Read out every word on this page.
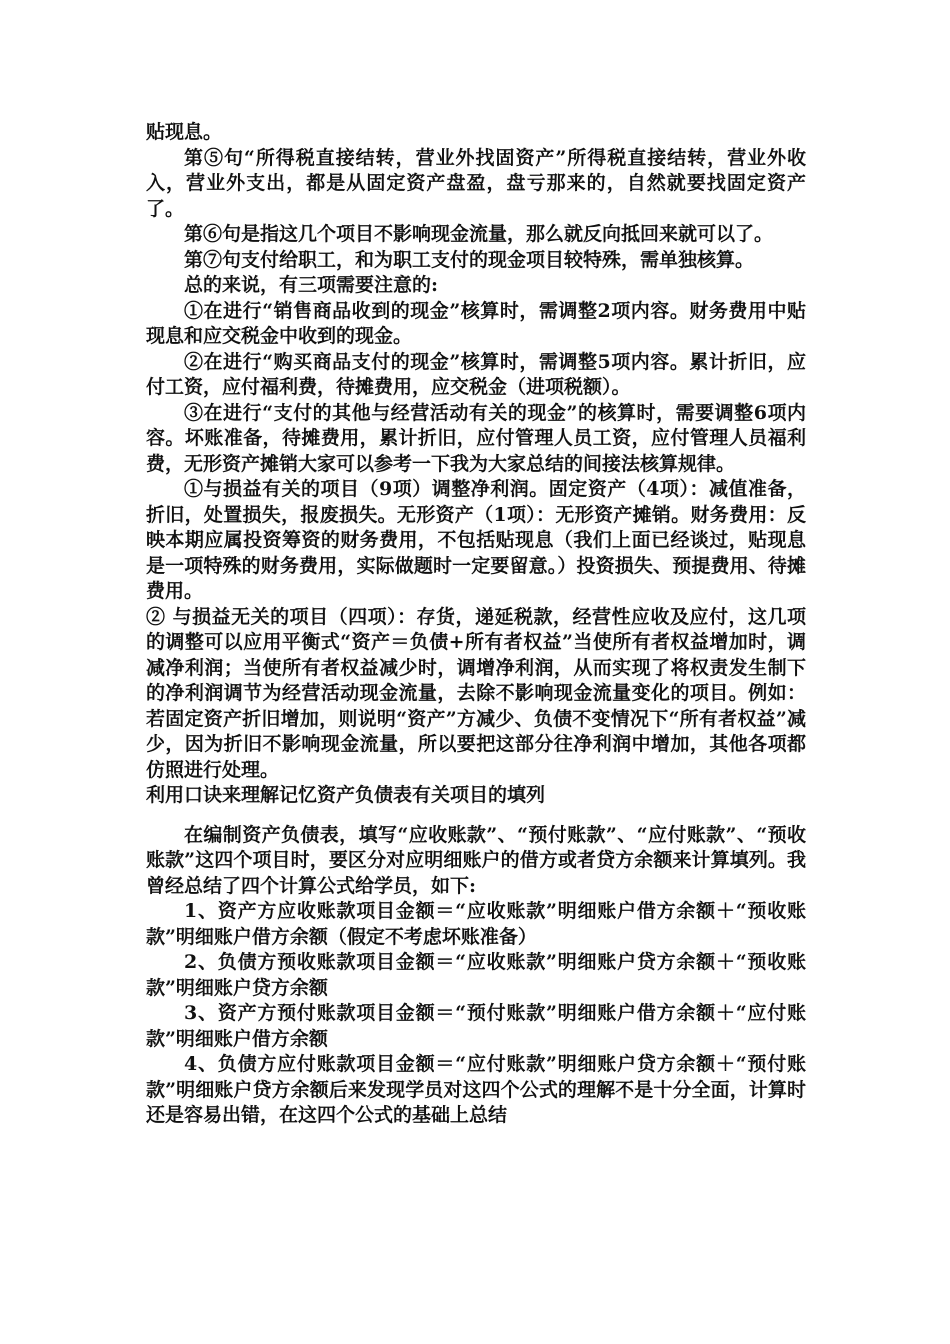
贴现息。

第⑤句“所得税直接结转，营业外找固资产”所得税直接结转，营业外收入，营业外支出，都是从固定资产盘盈，盘亏那来的，自然就要找固定资产了。

第⑥句是指这几个项目不影响现金流量，那么就反向抵回来就可以了。

第⑦句支付给职工，和为职工支付的现金项目较特殊，需单独核算。

总的来说，有三项需要注意的:

①在进行“销售商品收到的现金”核算时，需调整2项内容。财务费用中贴现息和应交税金中收到的现金。

②在进行“购买商品支付的现金”核算时，需调整5项内容。累计折旧，应付工资，应付福利费，待摊费用，应交税金（进项税额）。

③在进行“支付的其他与经营活动有关的现金”的核算时，需要调整6项内容。坏账准备，待摊费用，累计折旧，应付管理人员工资，应付管理人员福利费，无形资产摊销大家可以参考一下我为大家总结的间接法核算规律。

①与损益有关的项目（9项）调整净利润。固定资产（4项）：减值准备，折旧，处置损失，报废损失。无形资产（1项）：无形资产摊销。财务费用：反映本期应属投资筹资的财务费用，不包括贴现息（我们上面已经谈过，贴现息是一项特殊的财务费用，实际做题时一定要留意。）投资损失、预提费用、待摊费用。

② 与损益无关的项目（四项）：存货，递延税款，经营性应收及应付，这几项的调整可以应用平衡式“资产＝负债+所有者权益”当使所有者权益增加时，调减净利润；当使所有者权益减少时，调增净利润，从而实现了将权责发生制下的净利润调节为经营活动现金流量，去除不影响现金流量变化的项目。例如：若固定资产折旧增加，则说明“资产”方减少、负债不变情况下“所有者权益”减少，因为折旧不影响现金流量，所以要把这部分往净利润中增加，其他各项都仿照进行处理。

利用口诀来理解记忆资产负债表有关项目的填列

在编制资产负债表，填写“应收账款”、“预付账款”、“应付账款”、“预收账款”这四个项目时，要区分对应明细账户的借方或者贷方余额来计算填列。我曾经总结了四个计算公式给学员，如下:

1、资产方应收账款项目金额＝“应收账款”明细账户借方余额＋“预收账款”明细账户借方余额（假定不考虑坏账准备）

2、负债方预收账款项目金额＝“应收账款”明细账户贷方余额＋“预收账款”明细账户贷方余额

3、资产方预付账款项目金额＝“预付账款”明细账户借方余额＋“应付账款”明细账户借方余额

4、负债方应付账款项目金额＝“应付账款”明细账户贷方余额＋“预付账款”明细账户贷方余额后来发现学员对这四个公式的理解不是十分全面，计算时还是容易出错，在这四个公式的基础上总结
